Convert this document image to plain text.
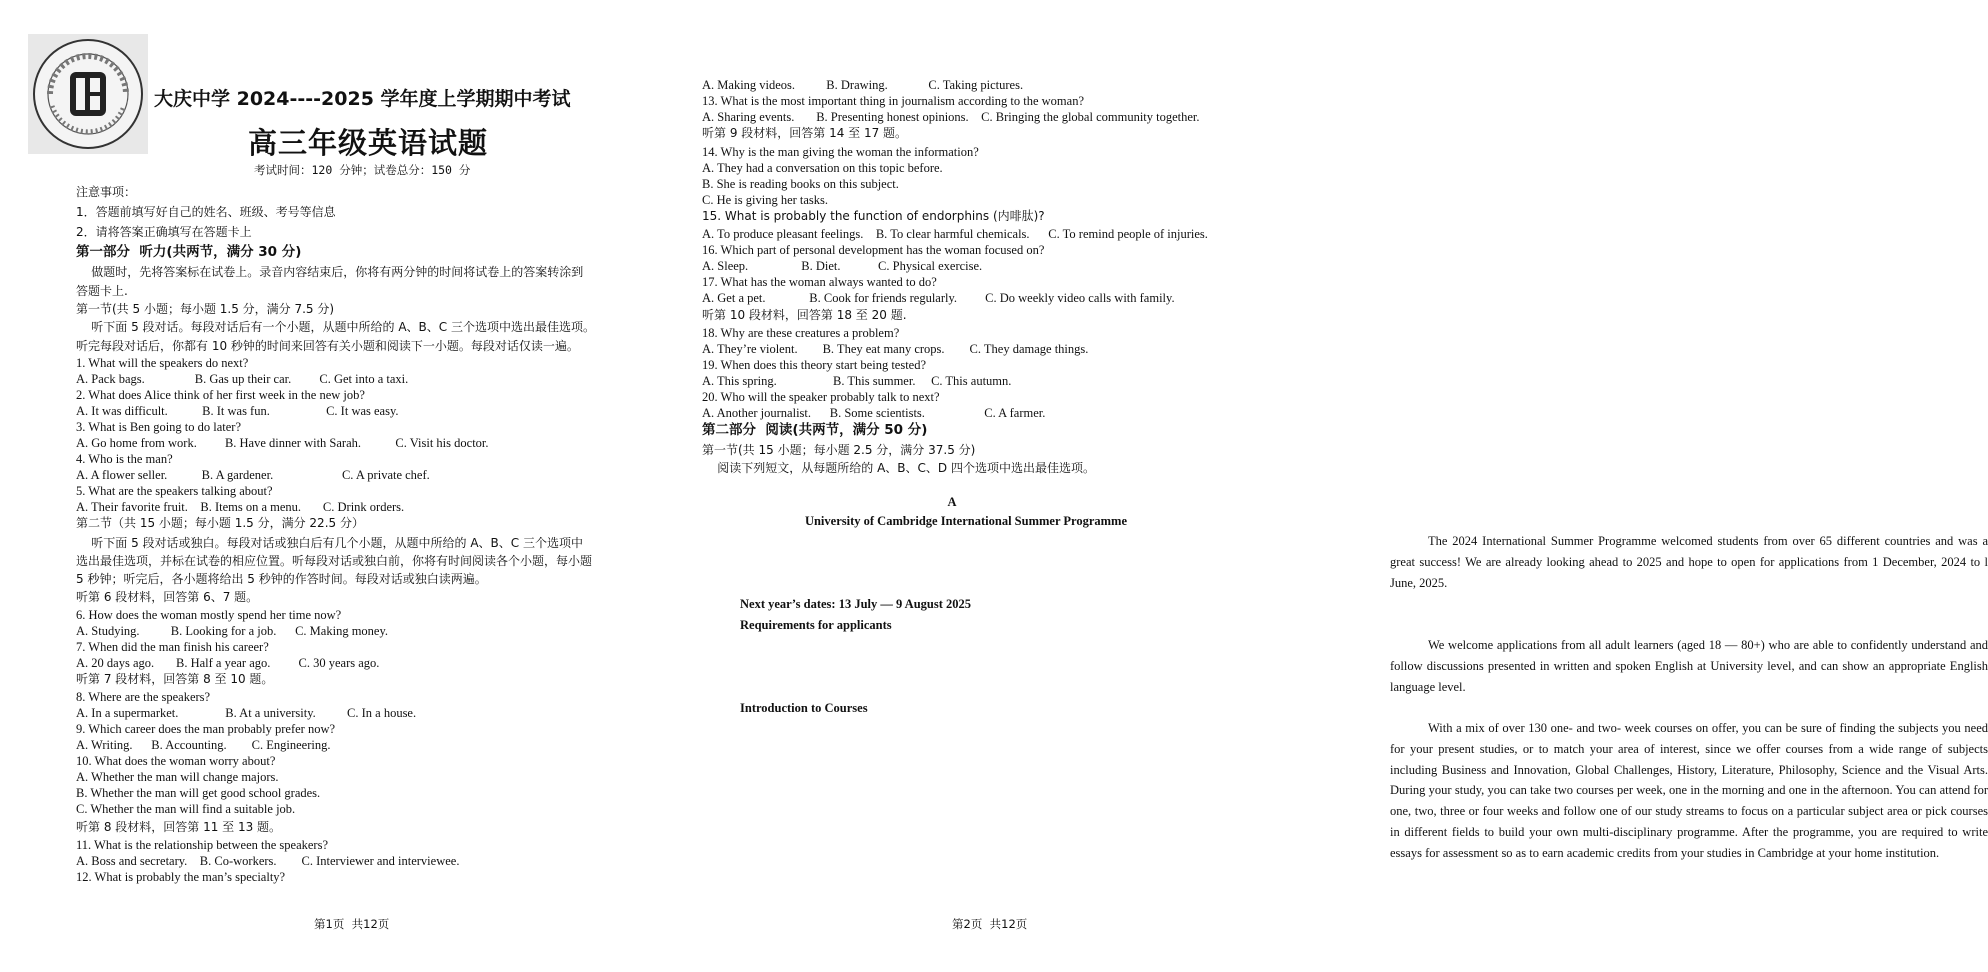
大庆中学 2024----2025 学年度上学期期中考试
高三年级英语试题
考试时间：120 分钟；试卷总分：150 分
注意事项：
1．答题前填写好自己的姓名、班级、考号等信息
2．请将答案正确填写在答题卡上
第一部分  听力(共两节，满分 30 分)
做题时，先将答案标在试卷上。录音内容结束后，你将有两分钟的时间将试卷上的答案转涂到
答题卡上.
第一节(共 5 小题；每小题 1.5 分，满分 7.5 分)
听下面 5 段对话。每段对话后有一个小题，从题中所给的 A、B、C 三个选项中选出最佳选项。
听完每段对话后，你都有 10 秒钟的时间来回答有关小题和阅读下一小题。每段对话仅读一遍。
1. What will the speakers do next?
A. Pack bags.                B. Gas up their car.         C. Get into a taxi.
2. What does Alice think of her first week in the new job?
A. It was difficult.           B. It was fun.                  C. It was easy.
3. What is Ben going to do later?
A. Go home from work.         B. Have dinner with Sarah.           C. Visit his doctor.
4. Who is the man?
A. A flower seller.           B. A gardener.                      C. A private chef.
5. What are the speakers talking about?
A. Their favorite fruit.    B. Items on a menu.       C. Drink orders.
第二节（共 15 小题；每小题 1.5 分，满分 22.5 分）
听下面 5 段对话或独白。每段对话或独白后有几个小题，从题中所给的 A、B、C 三个选项中
选出最佳选项，并标在试卷的相应位置。听每段对话或独白前，你将有时间阅读各个小题，每小题
5 秒钟；听完后，各小题将给出 5 秒钟的作答时间。每段对话或独白读两遍。
听第 6 段材料，回答第 6、7 题。
6. How does the woman mostly spend her time now?
A. Studying.          B. Looking for a job.      C. Making money.
7. When did the man finish his career?
A. 20 days ago.       B. Half a year ago.         C. 30 years ago.
听第 7 段材料，回答第 8 至 10 题。
8. Where are the speakers?
A. In a supermarket.               B. At a university.          C. In a house.
9. Which career does the man probably prefer now?
A. Writing.      B. Accounting.        C. Engineering.
10. What does the woman worry about?
A. Whether the man will change majors.
B. Whether the man will get good school grades.
C. Whether the man will find a suitable job.
听第 8 段材料，回答第 11 至 13 题。
11. What is the relationship between the speakers?
A. Boss and secretary.    B. Co-workers.        C. Interviewer and interviewee.
12. What is probably the man’s specialty?
第1页  共12页
A. Making videos.          B. Drawing.             C. Taking pictures.
13. What is the most important thing in journalism according to the woman?
A. Sharing events.       B. Presenting honest opinions.    C. Bringing the global community together.
听第 9 段材料，回答第 14 至 17 题。
14. Why is the man giving the woman the information?
A. They had a conversation on this topic before.
B. She is reading books on this subject.
C. He is giving her tasks.
15. What is probably the function of endorphins (内啡肽)?
A. To produce pleasant feelings.    B. To clear harmful chemicals.      C. To remind people of injuries.
16. Which part of personal development has the woman focused on?
A. Sleep.                 B. Diet.            C. Physical exercise.
17. What has the woman always wanted to do?
A. Get a pet.              B. Cook for friends regularly.         C. Do weekly video calls with family.
听第 10 段材料，回答第 18 至 20 题.
18. Why are these creatures a problem?
A. They’re violent.        B. They eat many crops.        C. They damage things.
19. When does this theory start being tested?
A. This spring.                  B. This summer.     C. This autumn.
20. Who will the speaker probably talk to next?
A. Another journalist.      B. Some scientists.                   C. A farmer.
第二部分  阅读(共两节，满分 50 分)
第一节(共 15 小题；每小题 2.5 分，满分 37.5 分)
阅读下列短文，从每题所给的 A、B、C、D 四个选项中选出最佳选项。
A
University of Cambridge International Summer Programme
The 2024 International Summer Programme welcomed students from over 65 different countries and was a great success! We are already looking ahead to 2025 and hope to open for applications from 1 December, 2024 to l June, 2025.
Next year’s dates: 13 July — 9 August 2025
Requirements for applicants
We welcome applications from all adult learners (aged 18 — 80+) who are able to confidently understand and follow discussions presented in written and spoken English at University level, and can show an appropriate English language level.
Introduction to Courses
With a mix of over 130 one- and two- week courses on offer, you can be sure of finding the subjects you need for your present studies, or to match your area of interest, since we offer courses from a wide range of subjects including Business and Innovation, Global Challenges, History, Literature, Philosophy, Science and the Visual Arts. During your study, you can take two courses per week, one in the morning and one in the afternoon. You can attend for one, two, three or four weeks and follow one of our study streams to focus on a particular subject area or pick courses in different fields to build your own multi-disciplinary programme. After the programme, you are required to write essays for assessment so as to earn academic credits from your studies in Cambridge at your home institution.
第2页  共12页
